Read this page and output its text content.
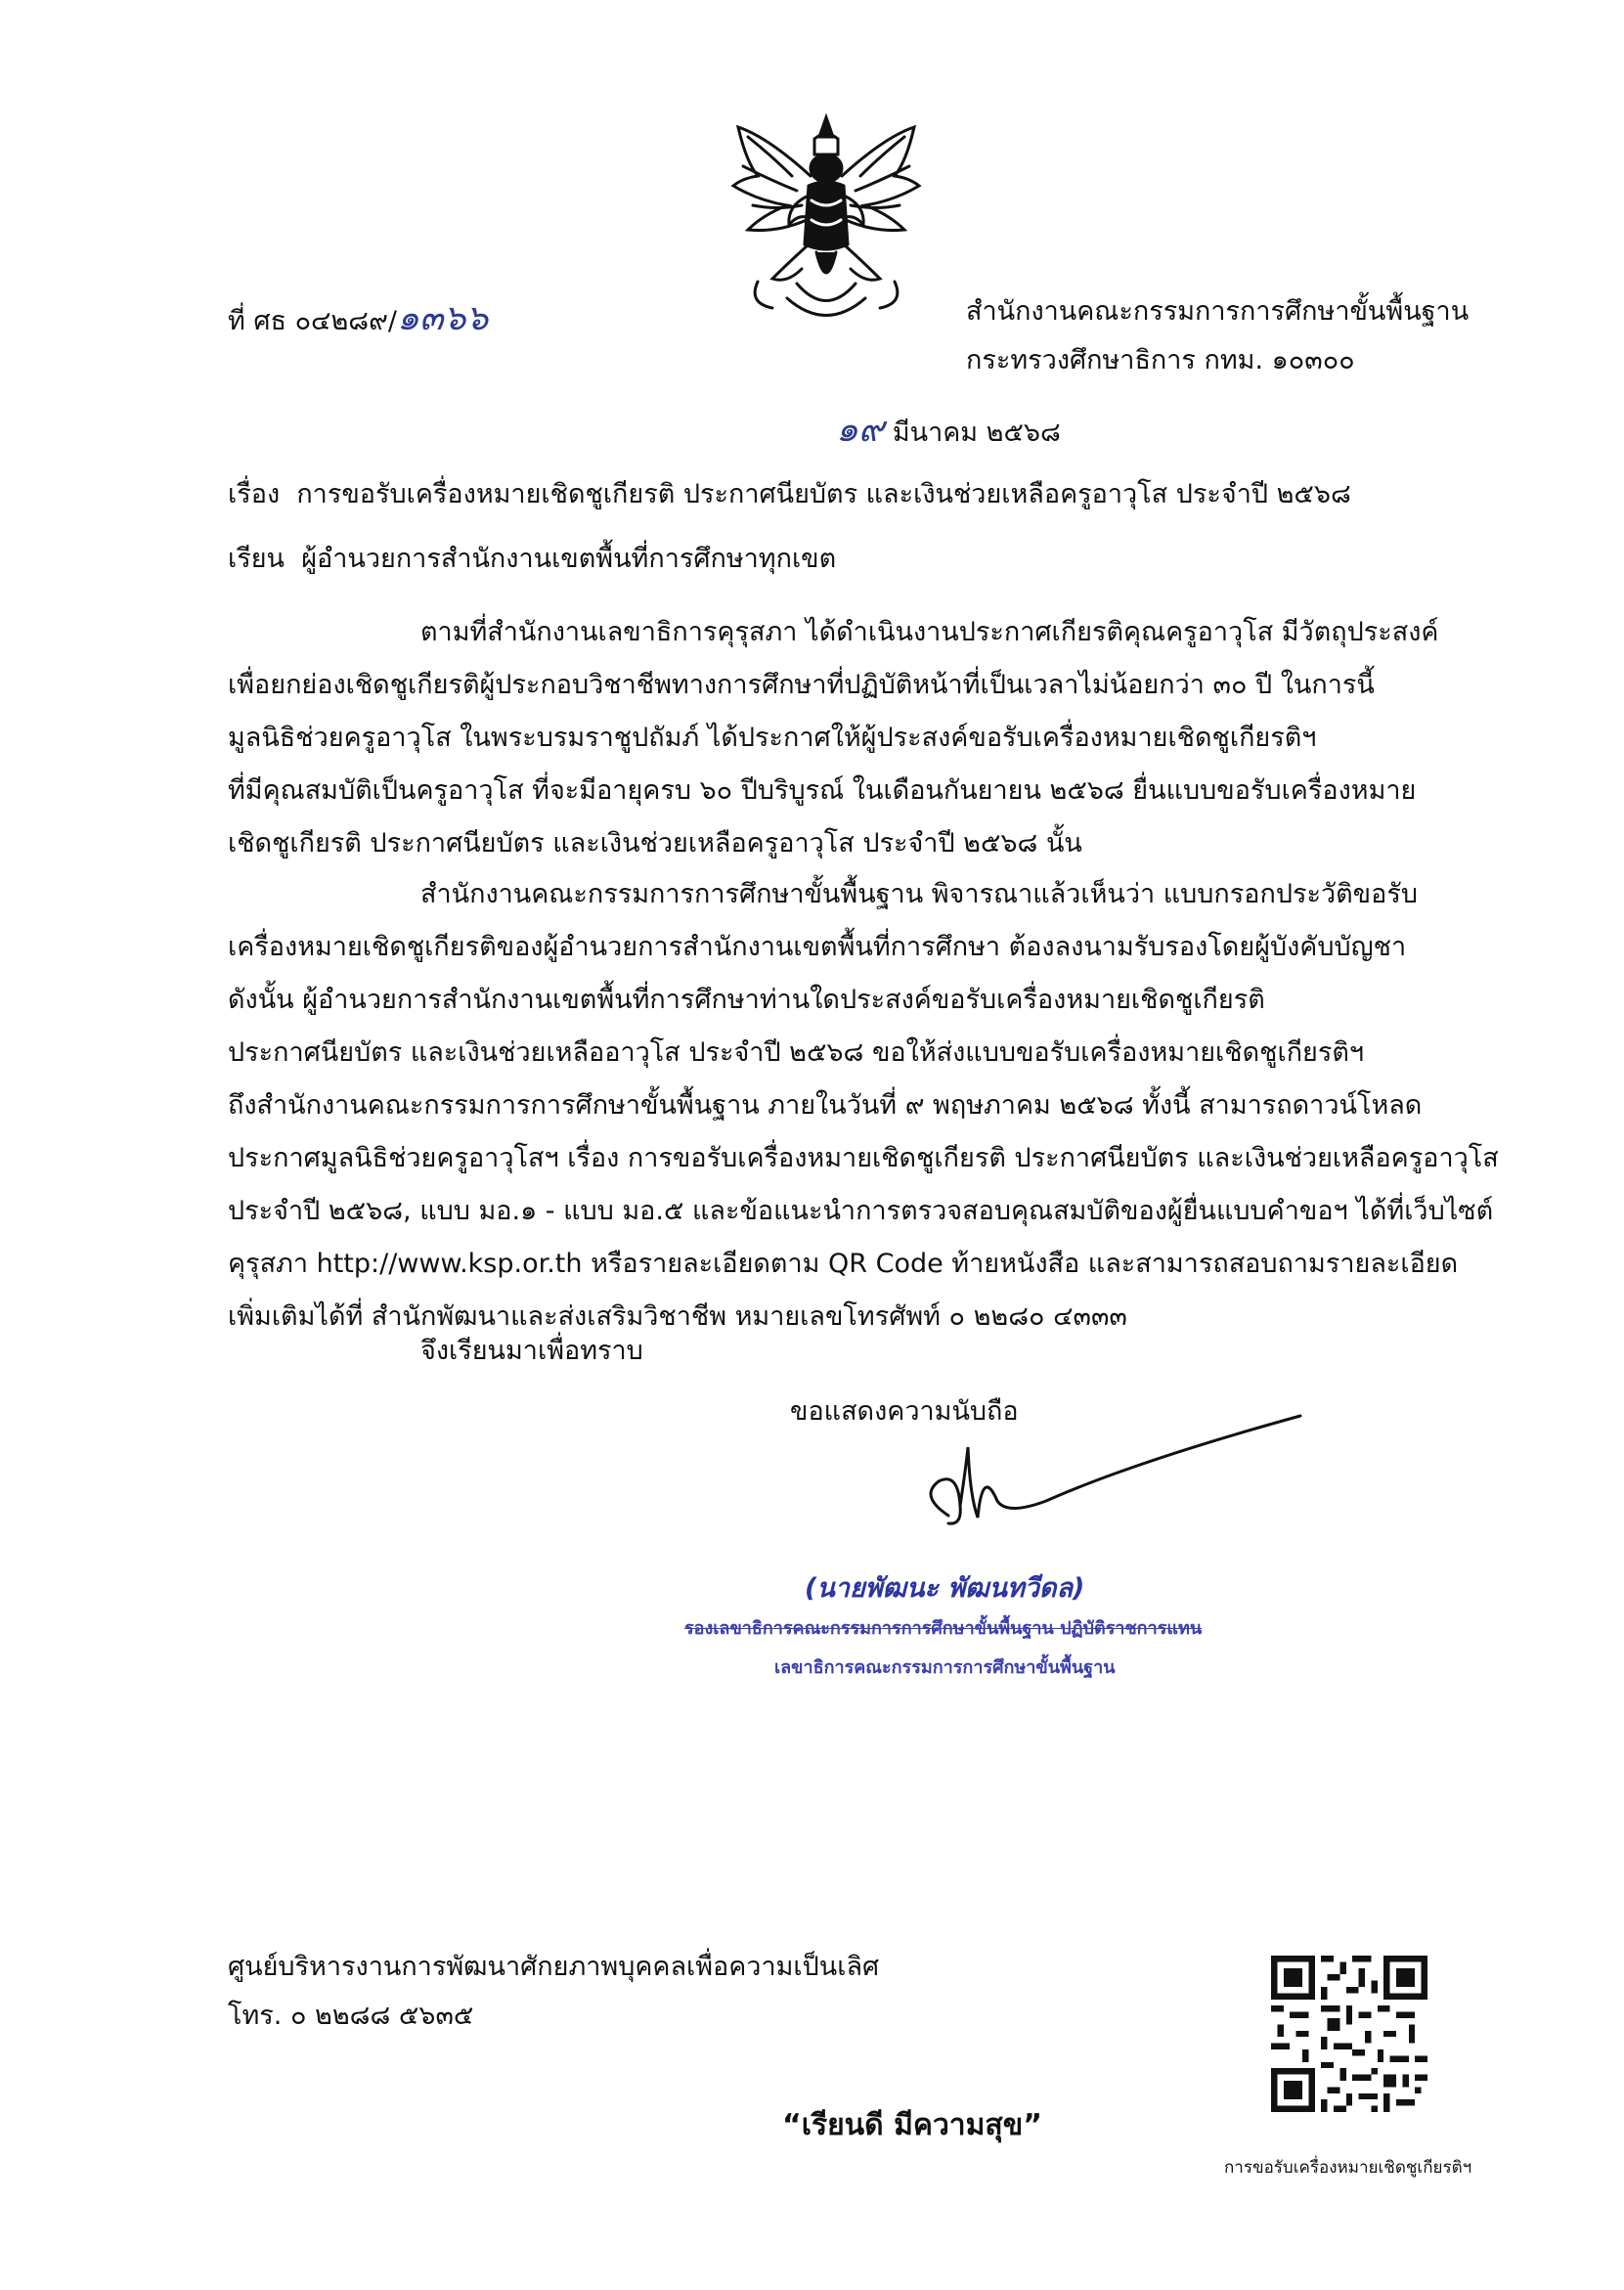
ที่ ศธ ๐๔๒๘๙/๑๓๖๖	สำนักงานคณะกรรมการการศึกษาขั้นพื้นฐาน
กระทรวงศึกษาธิการ กทม. ๑๐๓๐๐
๑๙ มีนาคม ๒๕๖๘
เรื่อง การขอรับเครื่องหมายเชิดชูเกียรติ ประกาศนียบัตร และเงินช่วยเหลือครูอาวุโส ประจำปี ๒๕๖๘
เรียน ผู้อำนวยการสำนักงานเขตพื้นที่การศึกษาทุกเขต
ตามที่สำนักงานเลขาธิการคุรุสภา ได้ดำเนินงานประกาศเกียรติคุณครูอาวุโส มีวัตถุประสงค์
เพื่อยกย่องเชิดชูเกียรติผู้ประกอบวิชาชีพทางการศึกษาที่ปฏิบัติหน้าที่เป็นเวลาไม่น้อยกว่า ๓๐ ปี ในการนี้
มูลนิธิช่วยครูอาวุโส ในพระบรมราชูปถัมภ์ ได้ประกาศให้ผู้ประสงค์ขอรับเครื่องหมายเชิดชูเกียรติฯ
ที่มีคุณสมบัติเป็นครูอาวุโส ที่จะมีอายุครบ ๖๐ ปีบริบูรณ์ ในเดือนกันยายน ๒๕๖๘ ยื่นแบบขอรับเครื่องหมาย
เชิดชูเกียรติ ประกาศนียบัตร และเงินช่วยเหลือครูอาวุโส ประจำปี ๒๕๖๘ นั้น
สำนักงานคณะกรรมการการศึกษาขั้นพื้นฐาน พิจารณาแล้วเห็นว่า แบบกรอกประวัติขอรับ
เครื่องหมายเชิดชูเกียรติของผู้อำนวยการสำนักงานเขตพื้นที่การศึกษา ต้องลงนามรับรองโดยผู้บังคับบัญชา
ดังนั้น ผู้อำนวยการสำนักงานเขตพื้นที่การศึกษาท่านใดประสงค์ขอรับเครื่องหมายเชิดชูเกียรติ
ประกาศนียบัตร และเงินช่วยเหลืออาวุโส ประจำปี ๒๕๖๘ ขอให้ส่งแบบขอรับเครื่องหมายเชิดชูเกียรติฯ
ถึงสำนักงานคณะกรรมการการศึกษาขั้นพื้นฐาน ภายในวันที่ ๙ พฤษภาคม ๒๕๖๘ ทั้งนี้ สามารถดาวน์โหลด
ประกาศมูลนิธิช่วยครูอาวุโสฯ เรื่อง การขอรับเครื่องหมายเชิดชูเกียรติ ประกาศนียบัตร และเงินช่วยเหลือครูอาวุโส
ประจำปี ๒๕๖๘, แบบ มอ.๑ - แบบ มอ.๕ และข้อแนะนำการตรวจสอบคุณสมบัติของผู้ยื่นแบบคำขอฯ ได้ที่เว็บไซต์
คุรุสภา http://www.ksp.or.th หรือรายละเอียดตาม QR Code ท้ายหนังสือ และสามารถสอบถามรายละเอียด
เพิ่มเติมได้ที่ สำนักพัฒนาและส่งเสริมวิชาชีพ หมายเลขโทรศัพท์ ๐ ๒๒๘๐ ๔๓๓๓
จึงเรียนมาเพื่อทราบ
ขอแสดงความนับถือ
(นายพัฒนะ พัฒนทวีดล)
รองเลขาธิการคณะกรรมการการศึกษาขั้นพื้นฐาน ปฏิบัติราชการแทน
เลขาธิการคณะกรรมการการศึกษาขั้นพื้นฐาน
ศูนย์บริหารงานการพัฒนาศักยภาพบุคคลเพื่อความเป็นเลิศ
โทร. ๐ ๒๒๘๘ ๕๖๓๕
“เรียนดี มีความสุข”
การขอรับเครื่องหมายเชิดชูเกียรติฯ
